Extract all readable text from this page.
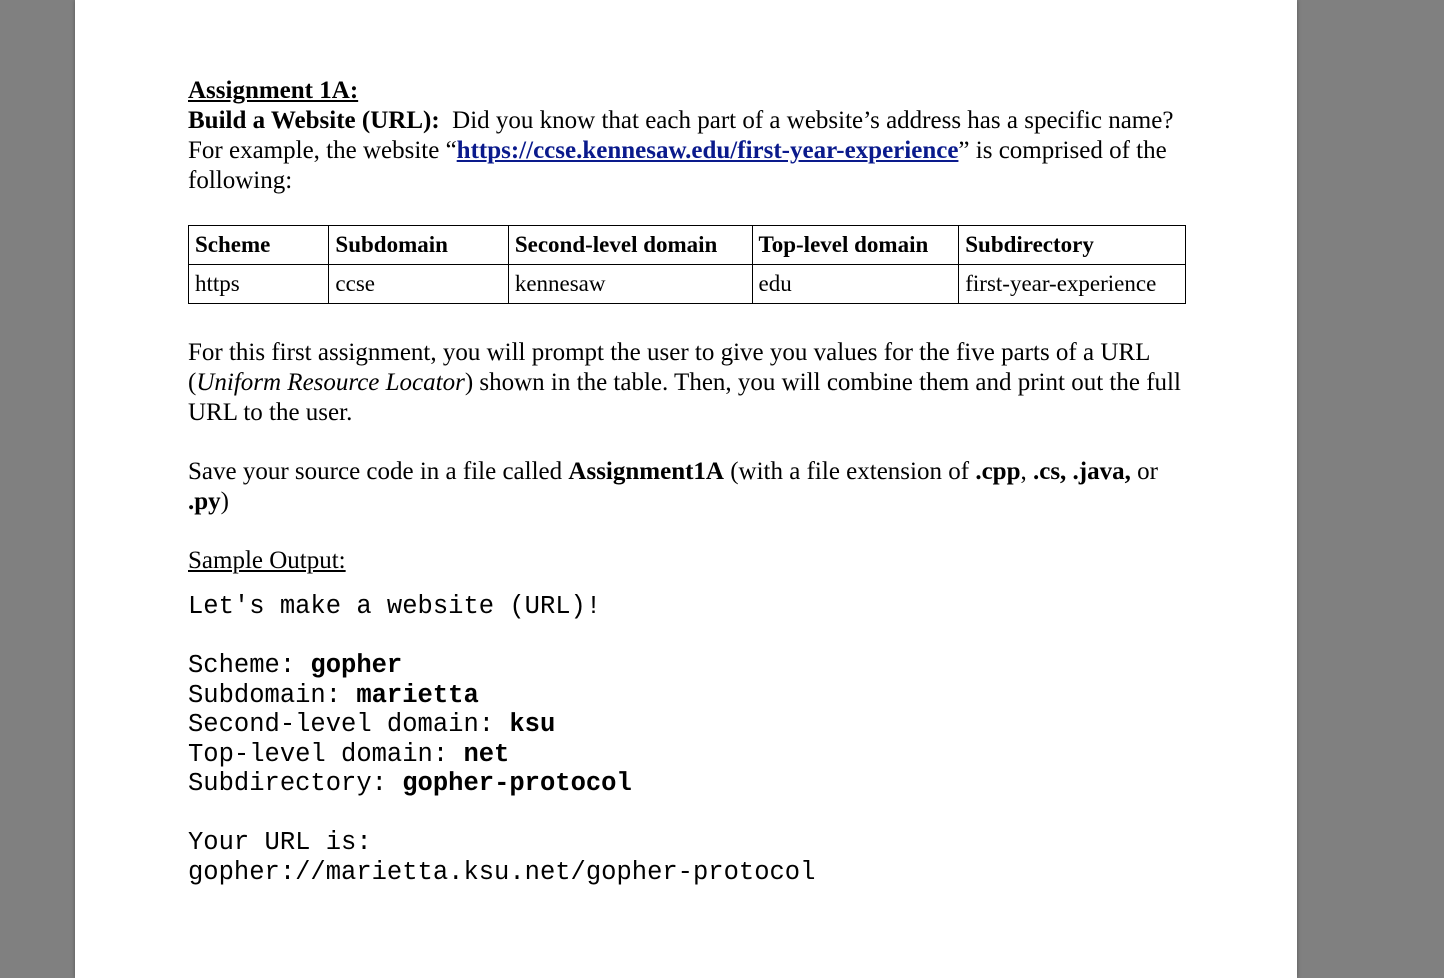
Assignment 1A:

Build a Website (URL): Did you know that each part of a website’s address has a specific name? For example, the website “https://ccse.kennesaw.edu/first-year-experience” is comprised of the following:

Scheme	Subdomain	Second-level domain	Top-level domain	Subdirectory
https	ccse	kennesaw	edu	first-year-experience

For this first assignment, you will prompt the user to give you values for the five parts of a URL (Uniform Resource Locator) shown in the table. Then, you will combine them and print out the full URL to the user.

Save your source code in a file called Assignment1A (with a file extension of .cpp, .cs, .java, or .py)

Sample Output:
Let's make a website (URL)!
Scheme: gopher
Subdomain: marietta
Second-level domain: ksu
Top-level domain: net
Subdirectory: gopher-protocol
Your URL is:
gopher://marietta.ksu.net/gopher-protocol
